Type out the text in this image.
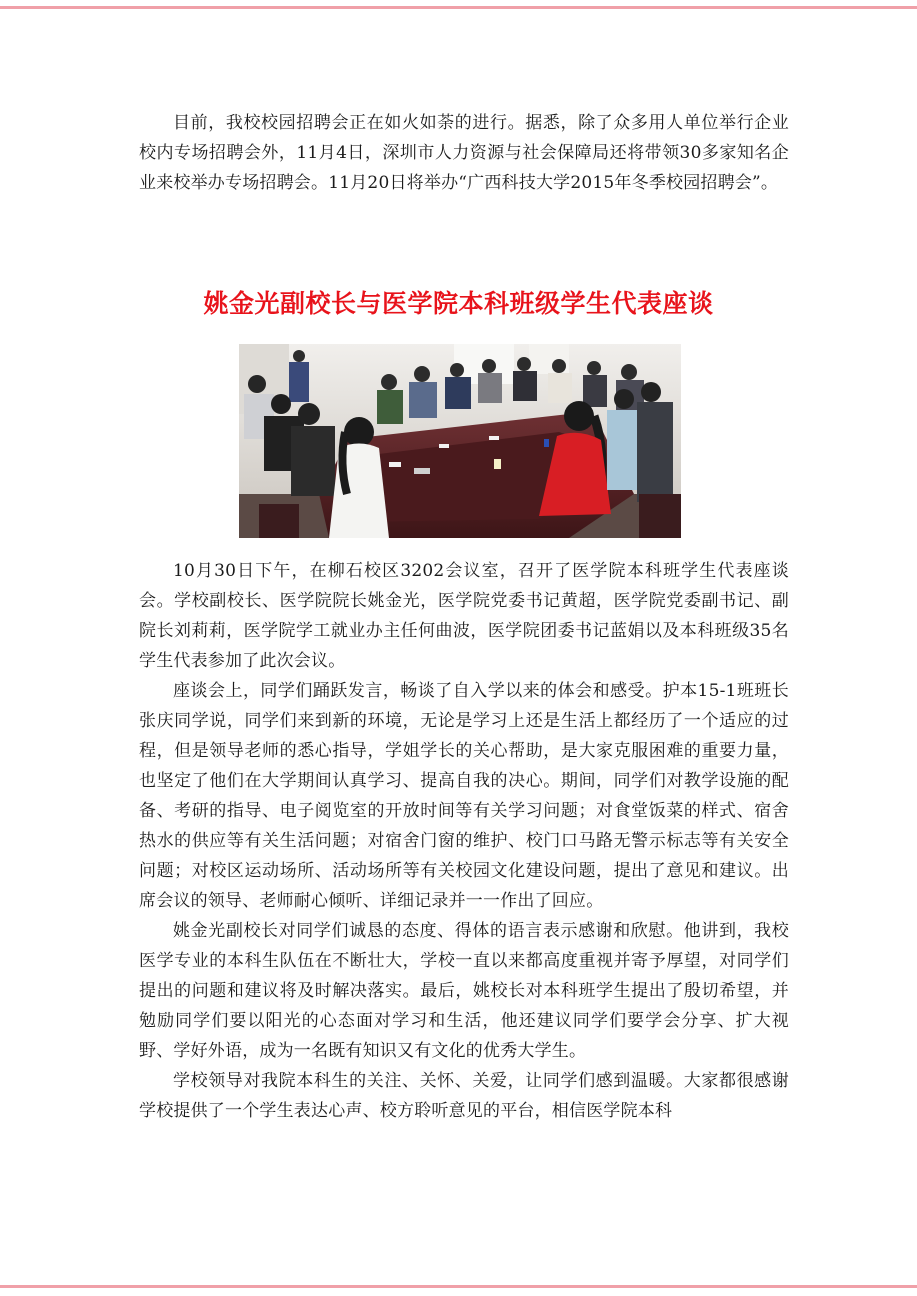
目前，我校校园招聘会正在如火如荼的进行。据悉，除了众多用人单位举行企业校内专场招聘会外，11月4日，深圳市人力资源与社会保障局还将带领30多家知名企业来校举办专场招聘会。11月20日将举办“广西科技大学2015年冬季校园招聘会”。

姚金光副校长与医学院本科班级学生代表座谈

10月30日下午，在柳石校区3202会议室，召开了医学院本科班学生代表座谈会。学校副校长、医学院院长姚金光，医学院党委书记黄超，医学院党委副书记、副院长刘莉莉，医学院学工就业办主任何曲波，医学院团委书记蓝娟以及本科班级35名学生代表参加了此次会议。

座谈会上，同学们踊跃发言，畅谈了自入学以来的体会和感受。护本15-1班班长张庆同学说，同学们来到新的环境，无论是学习上还是生活上都经历了一个适应的过程，但是领导老师的悉心指导，学姐学长的关心帮助，是大家克服困难的重要力量，也坚定了他们在大学期间认真学习、提高自我的决心。期间，同学们对教学设施的配备、考研的指导、电子阅览室的开放时间等有关学习问题；对食堂饭菜的样式、宿舍热水的供应等有关生活问题；对宿舍门窗的维护、校门口马路无警示标志等有关安全问题；对校区运动场所、活动场所等有关校园文化建设问题，提出了意见和建议。出席会议的领导、老师耐心倾听、详细记录并一一作出了回应。

姚金光副校长对同学们诚恳的态度、得体的语言表示感谢和欣慰。他讲到，我校医学专业的本科生队伍在不断壮大，学校一直以来都高度重视并寄予厚望，对同学们提出的问题和建议将及时解决落实。最后，姚校长对本科班学生提出了殷切希望，并勉励同学们要以阳光的心态面对学习和生活，他还建议同学们要学会分享、扩大视野、学好外语，成为一名既有知识又有文化的优秀大学生。

学校领导对我院本科生的关注、关怀、关爱，让同学们感到温暖。大家都很感谢学校提供了一个学生表达心声、校方聆听意见的平台，相信医学院本科
